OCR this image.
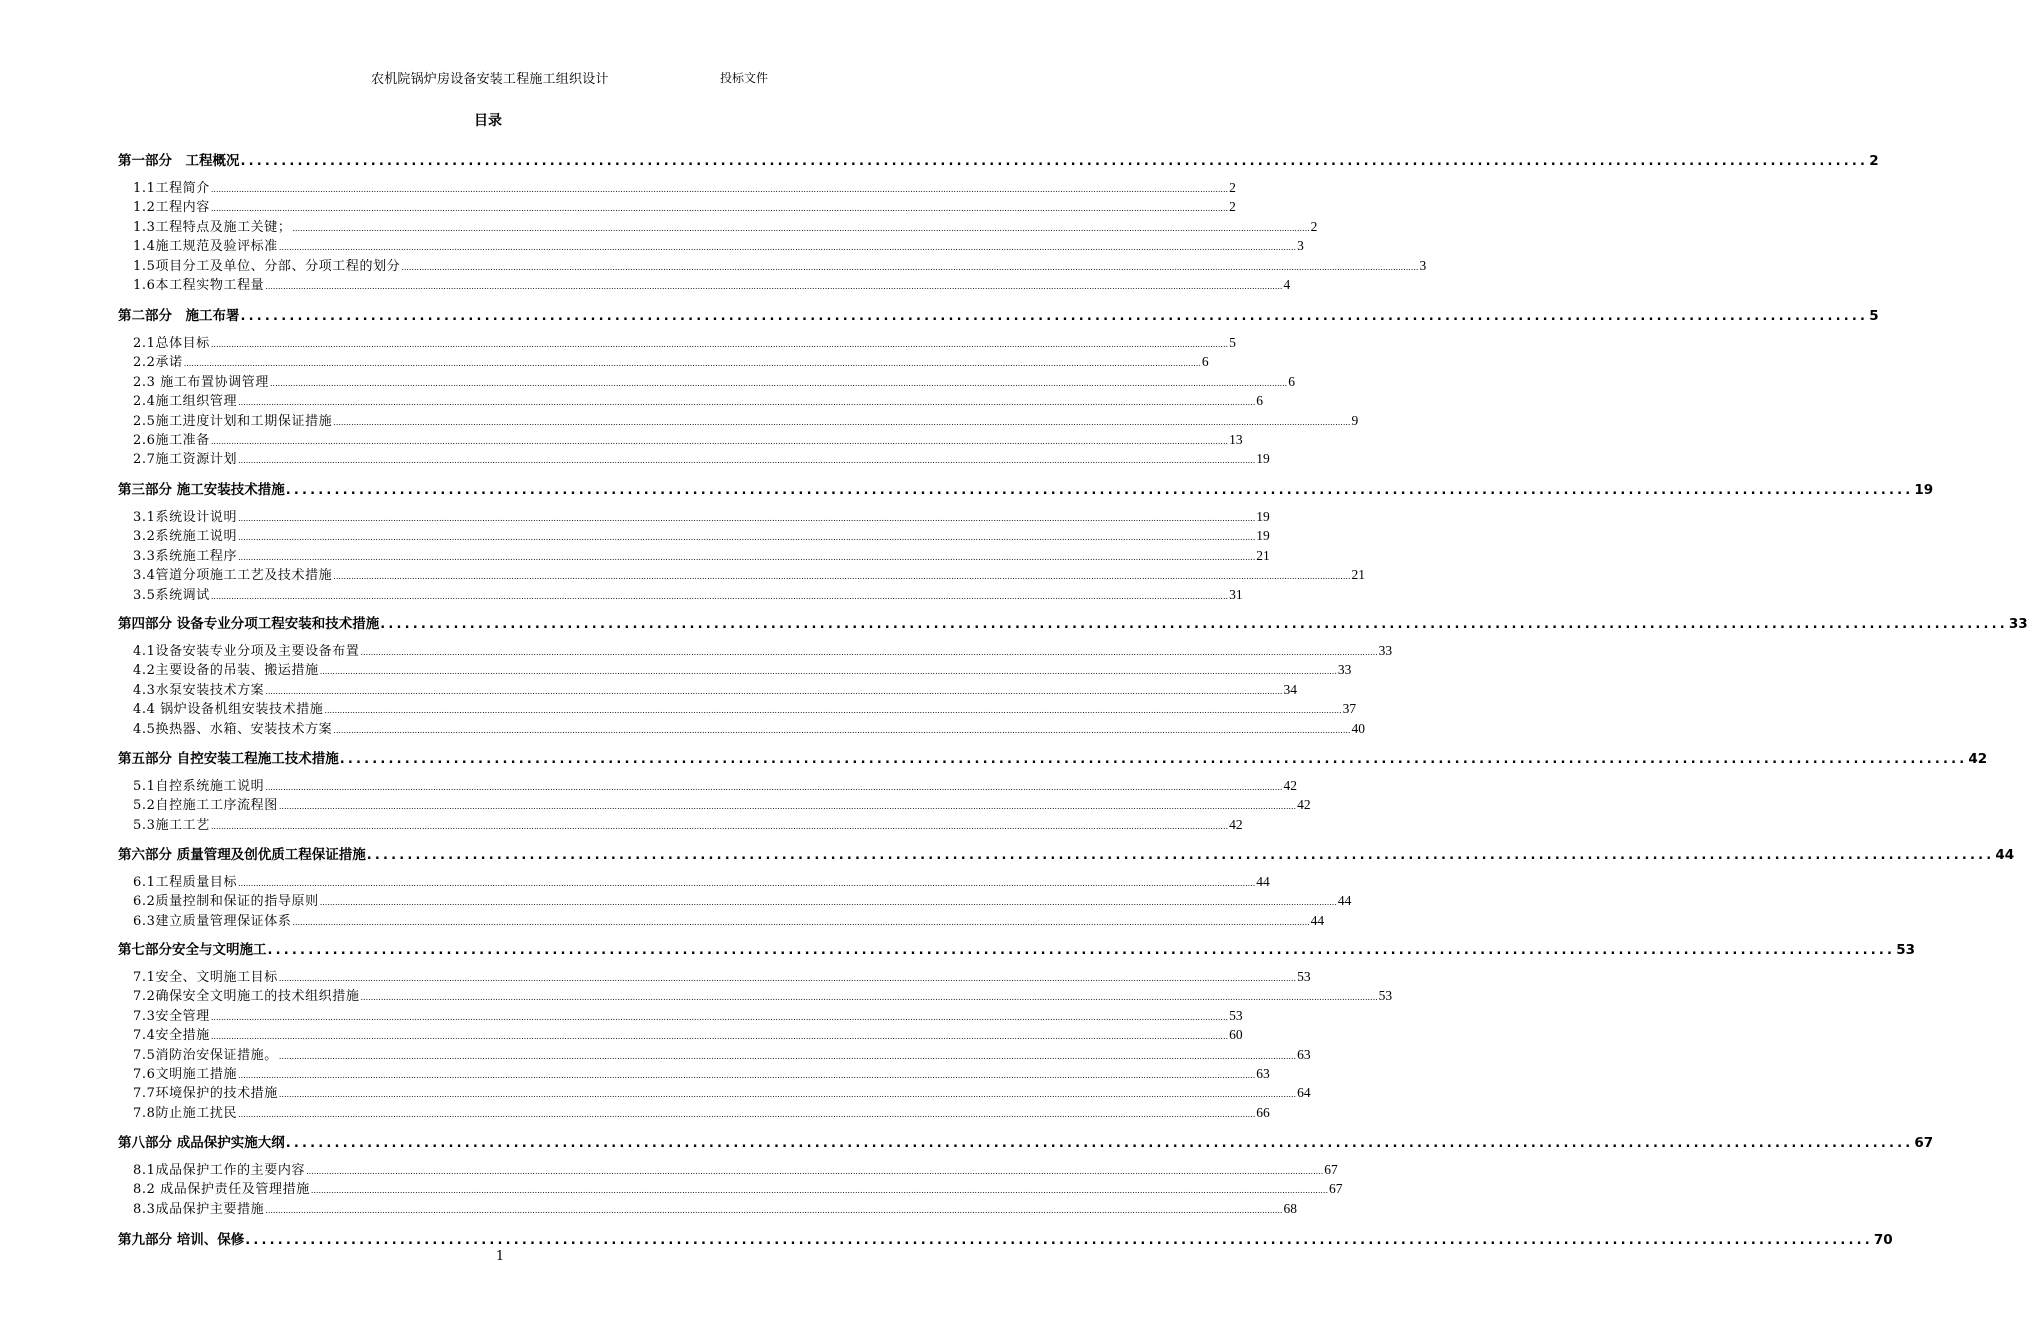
农机院锅炉房设备安装工程施工组织设计	投标文件
目录
第一部分　工程概况 ........................................................................................................................................................................................................ 2
1.1工程简介 ................................................................................................................................................................................................................................................................................................................................................................................................................ 2
1.2工程内容 ................................................................................................................................................................................................................................................................................................................................................................................................................ 2
1.3工程特点及施工关键； ................................................................................................................................................................................................................................................................................................................................................................................................................ 2
1.4施工规范及验评标准 ................................................................................................................................................................................................................................................................................................................................................................................................................ 3
1.5项目分工及单位、分部、分项工程的划分 ................................................................................................................................................................................................................................................................................................................................................................................................................ 3
1.6本工程实物工程量 ................................................................................................................................................................................................................................................................................................................................................................................................................ 4
第二部分　施工布署 ........................................................................................................................................................................................................ 5
2.1总体目标 ................................................................................................................................................................................................................................................................................................................................................................................................................ 5
2.2承诺 ................................................................................................................................................................................................................................................................................................................................................................................................................ 6
2.3 施工布置协调管理 ................................................................................................................................................................................................................................................................................................................................................................................................................ 6
2.4施工组织管理 ................................................................................................................................................................................................................................................................................................................................................................................................................ 6
2.5施工进度计划和工期保证措施 ................................................................................................................................................................................................................................................................................................................................................................................................................ 9
2.6施工准备 ................................................................................................................................................................................................................................................................................................................................................................................................................ 13
2.7施工资源计划 ................................................................................................................................................................................................................................................................................................................................................................................................................ 19
第三部分 施工安装技术措施 ........................................................................................................................................................................................................ 19
3.1系统设计说明 ................................................................................................................................................................................................................................................................................................................................................................................................................ 19
3.2系统施工说明 ................................................................................................................................................................................................................................................................................................................................................................................................................ 19
3.3系统施工程序 ................................................................................................................................................................................................................................................................................................................................................................................................................ 21
3.4管道分项施工工艺及技术措施 ................................................................................................................................................................................................................................................................................................................................................................................................................ 21
3.5系统调试 ................................................................................................................................................................................................................................................................................................................................................................................................................ 31
第四部分 设备专业分项工程安装和技术措施 ........................................................................................................................................................................................................ 33
4.1设备安装专业分项及主要设备布置 ................................................................................................................................................................................................................................................................................................................................................................................................................ 33
4.2主要设备的吊装、搬运措施 ................................................................................................................................................................................................................................................................................................................................................................................................................ 33
4.3水泵安装技术方案 ................................................................................................................................................................................................................................................................................................................................................................................................................ 34
4.4 锅炉设备机组安装技术措施 ................................................................................................................................................................................................................................................................................................................................................................................................................ 37
4.5换热器、水箱、安装技术方案 ................................................................................................................................................................................................................................................................................................................................................................................................................ 40
第五部分 自控安装工程施工技术措施 ........................................................................................................................................................................................................ 42
5.1自控系统施工说明 ................................................................................................................................................................................................................................................................................................................................................................................................................ 42
5.2自控施工工序流程图 ................................................................................................................................................................................................................................................................................................................................................................................................................ 42
5.3施工工艺 ................................................................................................................................................................................................................................................................................................................................................................................................................ 42
第六部分 质量管理及创优质工程保证措施 ........................................................................................................................................................................................................ 44
6.1工程质量目标 ................................................................................................................................................................................................................................................................................................................................................................................................................ 44
6.2质量控制和保证的指导原则 ................................................................................................................................................................................................................................................................................................................................................................................................................ 44
6.3建立质量管理保证体系 ................................................................................................................................................................................................................................................................................................................................................................................................................ 44
第七部分安全与文明施工 ........................................................................................................................................................................................................ 53
7.1安全、文明施工目标 ................................................................................................................................................................................................................................................................................................................................................................................................................ 53
7.2确保安全文明施工的技术组织措施 ................................................................................................................................................................................................................................................................................................................................................................................................................ 53
7.3安全管理 ................................................................................................................................................................................................................................................................................................................................................................................................................ 53
7.4安全措施 ................................................................................................................................................................................................................................................................................................................................................................................................................ 60
7.5消防治安保证措施。 ................................................................................................................................................................................................................................................................................................................................................................................................................ 63
7.6文明施工措施 ................................................................................................................................................................................................................................................................................................................................................................................................................ 63
7.7环境保护的技术措施 ................................................................................................................................................................................................................................................................................................................................................................................................................ 64
7.8防止施工扰民 ................................................................................................................................................................................................................................................................................................................................................................................................................ 66
第八部分 成品保护实施大纲 ........................................................................................................................................................................................................ 67
8.1成品保护工作的主要内容 ................................................................................................................................................................................................................................................................................................................................................................................................................ 67
8.2 成品保护责任及管理措施 ................................................................................................................................................................................................................................................................................................................................................................................................................ 67
8.3成品保护主要措施 ................................................................................................................................................................................................................................................................................................................................................................................................................ 68
第九部分 培训、保修 ........................................................................................................................................................................................................ 70
1
